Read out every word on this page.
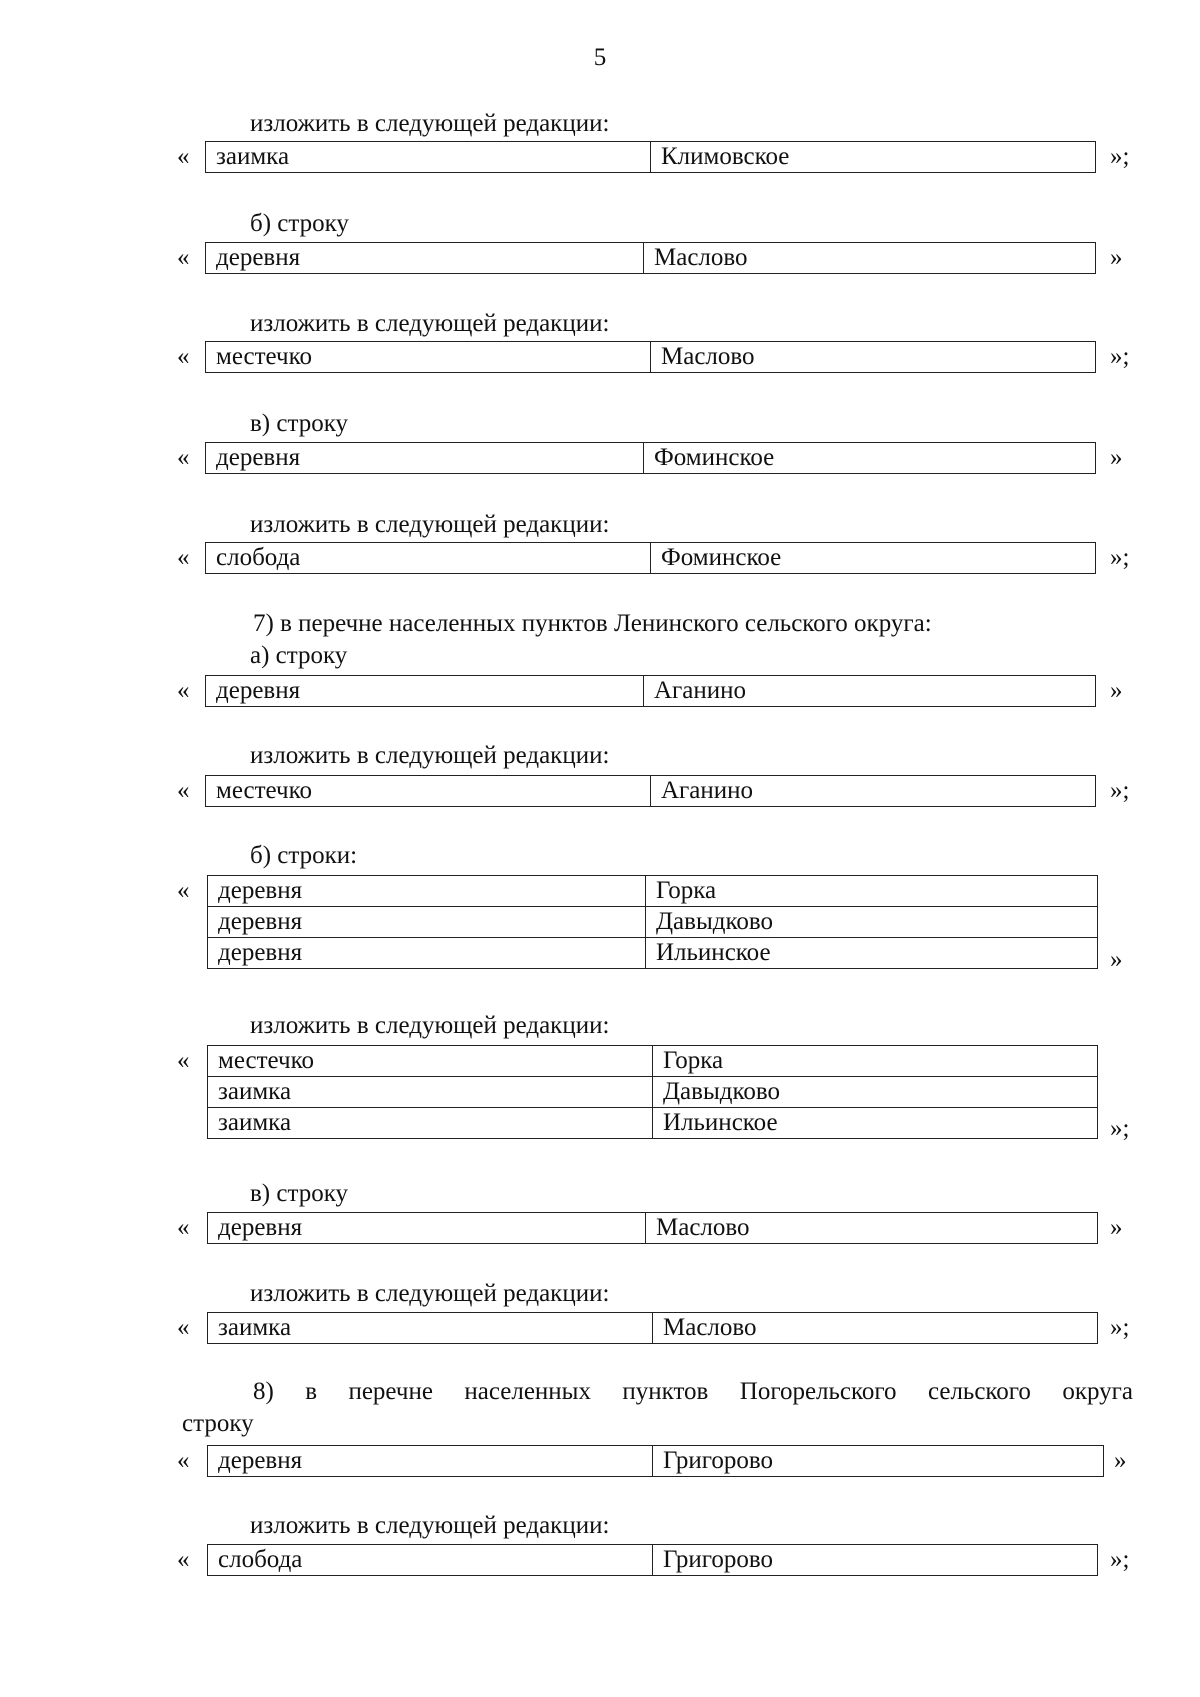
5
изложить в следующей редакции:
« заимка	Климовское	»;
б) строку
« деревня	Маслово	»
изложить в следующей редакции:
« местечко	Маслово	»;
в) строку
« деревня	Фоминское	»
изложить в следующей редакции:
« слобода	Фоминское	»;
7) в перечне населенных пунктов Ленинского сельского округа:
а) строку
« деревня	Аганино	»
изложить в следующей редакции:
« местечко	Аганино	»;
б) строки:
« деревня	Горка
деревня	Давыдково
деревня	Ильинское	»
изложить в следующей редакции:
« местечко	Горка
заимка	Давыдково
заимка	Ильинское	»;
в) строку
« деревня	Маслово	»
изложить в следующей редакции:
« заимка	Маслово	»;
8) в перечне населенных пунктов Погорельского сельского округа
строку
« деревня	Григорово	»
изложить в следующей редакции:
« слобода	Григорово	»;
